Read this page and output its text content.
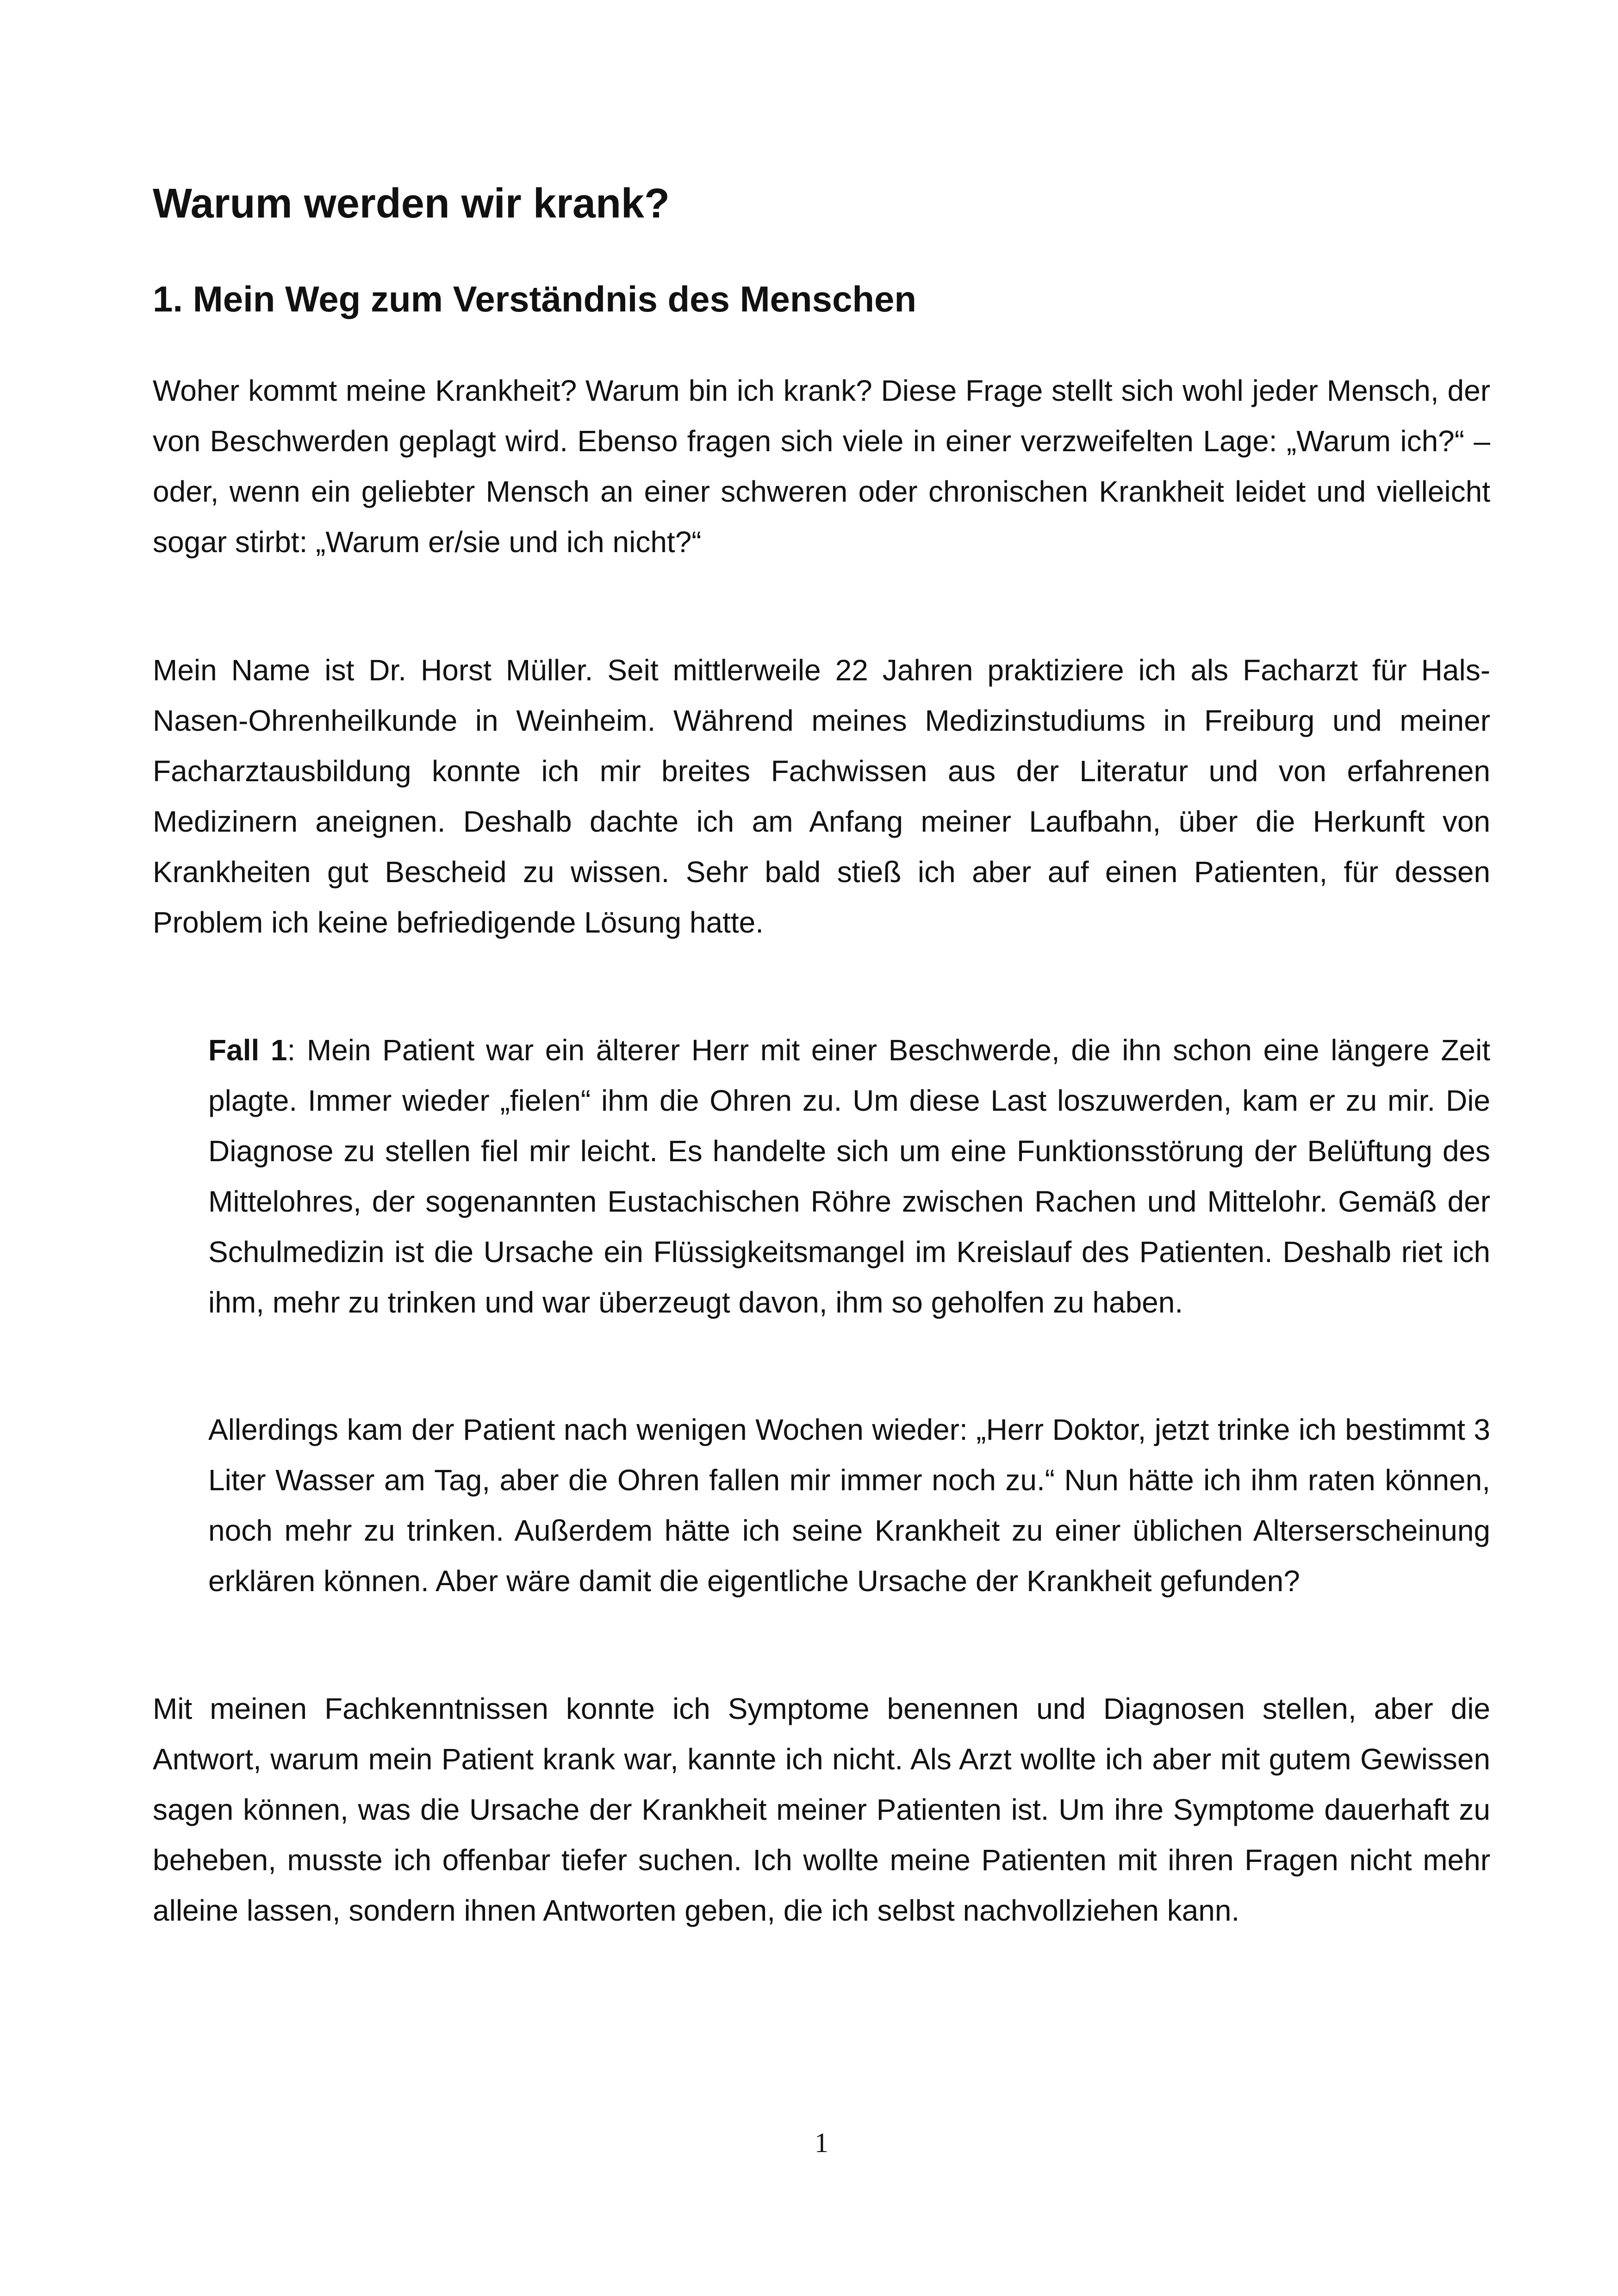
Warum werden wir krank?
1. Mein Weg zum Verständnis des Menschen

Woher kommt meine Krankheit? Warum bin ich krank? Diese Frage stellt sich wohl jeder Mensch, der von Beschwerden geplagt wird. Ebenso fragen sich viele in einer verzweifelten Lage: „Warum ich?“ – oder, wenn ein geliebter Mensch an einer schweren oder chronischen Krankheit leidet und vielleicht sogar stirbt: „Warum er/sie und ich nicht?“

Mein Name ist Dr. Horst Müller. Seit mittlerweile 22 Jahren praktiziere ich als Facharzt für Hals-Nasen-Ohrenheilkunde in Weinheim. Während meines Medizinstudiums in Freiburg und meiner Facharztausbildung konnte ich mir breites Fachwissen aus der Literatur und von erfahrenen Medizinern aneignen. Deshalb dachte ich am Anfang meiner Laufbahn, über die Herkunft von Krankheiten gut Bescheid zu wissen. Sehr bald stieß ich aber auf einen Patienten, für dessen Problem ich keine befriedigende Lösung hatte.

Fall 1: Mein Patient war ein älterer Herr mit einer Beschwerde, die ihn schon eine längere Zeit plagte. Immer wieder „fielen“ ihm die Ohren zu. Um diese Last loszuwerden, kam er zu mir. Die Diagnose zu stellen fiel mir leicht. Es handelte sich um eine Funktionsstörung der Belüftung des Mittelohres, der sogenannten Eustachischen Röhre zwischen Rachen und Mittelohr. Gemäß der Schulmedizin ist die Ursache ein Flüssigkeitsmangel im Kreislauf des Patienten. Deshalb riet ich ihm, mehr zu trinken und war überzeugt davon, ihm so geholfen zu haben.

Allerdings kam der Patient nach wenigen Wochen wieder: „Herr Doktor, jetzt trinke ich bestimmt 3 Liter Wasser am Tag, aber die Ohren fallen mir immer noch zu.“ Nun hätte ich ihm raten können, noch mehr zu trinken. Außerdem hätte ich seine Krankheit zu einer üblichen Alterserscheinung erklären können. Aber wäre damit die eigentliche Ursache der Krankheit gefunden?

Mit meinen Fachkenntnissen konnte ich Symptome benennen und Diagnosen stellen, aber die Antwort, warum mein Patient krank war, kannte ich nicht. Als Arzt wollte ich aber mit gutem Gewissen sagen können, was die Ursache der Krankheit meiner Patienten ist. Um ihre Symptome dauerhaft zu beheben, musste ich offenbar tiefer suchen. Ich wollte meine Patienten mit ihren Fragen nicht mehr alleine lassen, sondern ihnen Antworten geben, die ich selbst nachvollziehen kann.

1
